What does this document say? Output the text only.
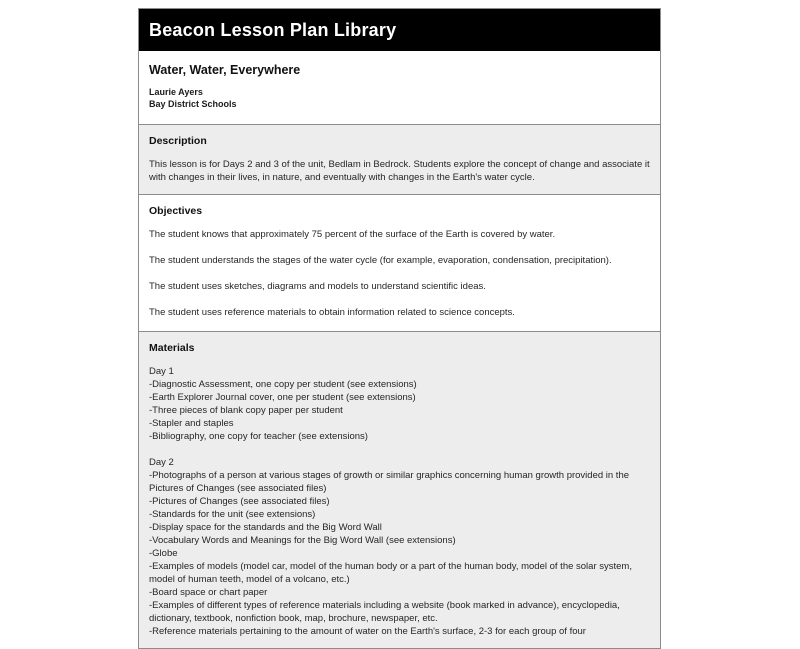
Beacon Lesson Plan Library
Water, Water, Everywhere
Laurie Ayers
Bay District Schools
Description

This lesson is for Days 2 and 3 of the unit, Bedlam in Bedrock. Students explore the concept of change and associate it with changes in their lives, in nature, and eventually with changes in the Earth's water cycle.

Objectives

The student knows that approximately 75 percent of the surface of the Earth is covered by water.

The student understands the stages of the water cycle (for example, evaporation, condensation, precipitation).

The student uses sketches, diagrams and models to understand scientific ideas.

The student uses reference materials to obtain information related to science concepts.

Materials
Day 1
-Diagnostic Assessment, one copy per student (see extensions)
-Earth Explorer Journal cover, one per student (see extensions)
-Three pieces of blank copy paper per student
-Stapler and staples
-Bibliography, one copy for teacher (see extensions)
Day 2
-Photographs of a person at various stages of growth or similar graphics concerning human growth provided in the Pictures of Changes (see associated files)
-Pictures of Changes (see associated files)
-Standards for the unit (see extensions)
-Display space for the standards and the Big Word Wall
-Vocabulary Words and Meanings for the Big Word Wall (see extensions)
-Globe
-Examples of models (model car, model of the human body or a part of the human body, model of the solar system, model of human teeth, model of a volcano, etc.)
-Board space or chart paper
-Examples of different types of reference materials including a website (book marked in advance), encyclopedia, dictionary, textbook, nonfiction book, map, brochure, newspaper, etc.
-Reference materials pertaining to the amount of water on the Earth's surface, 2-3 for each group of four
